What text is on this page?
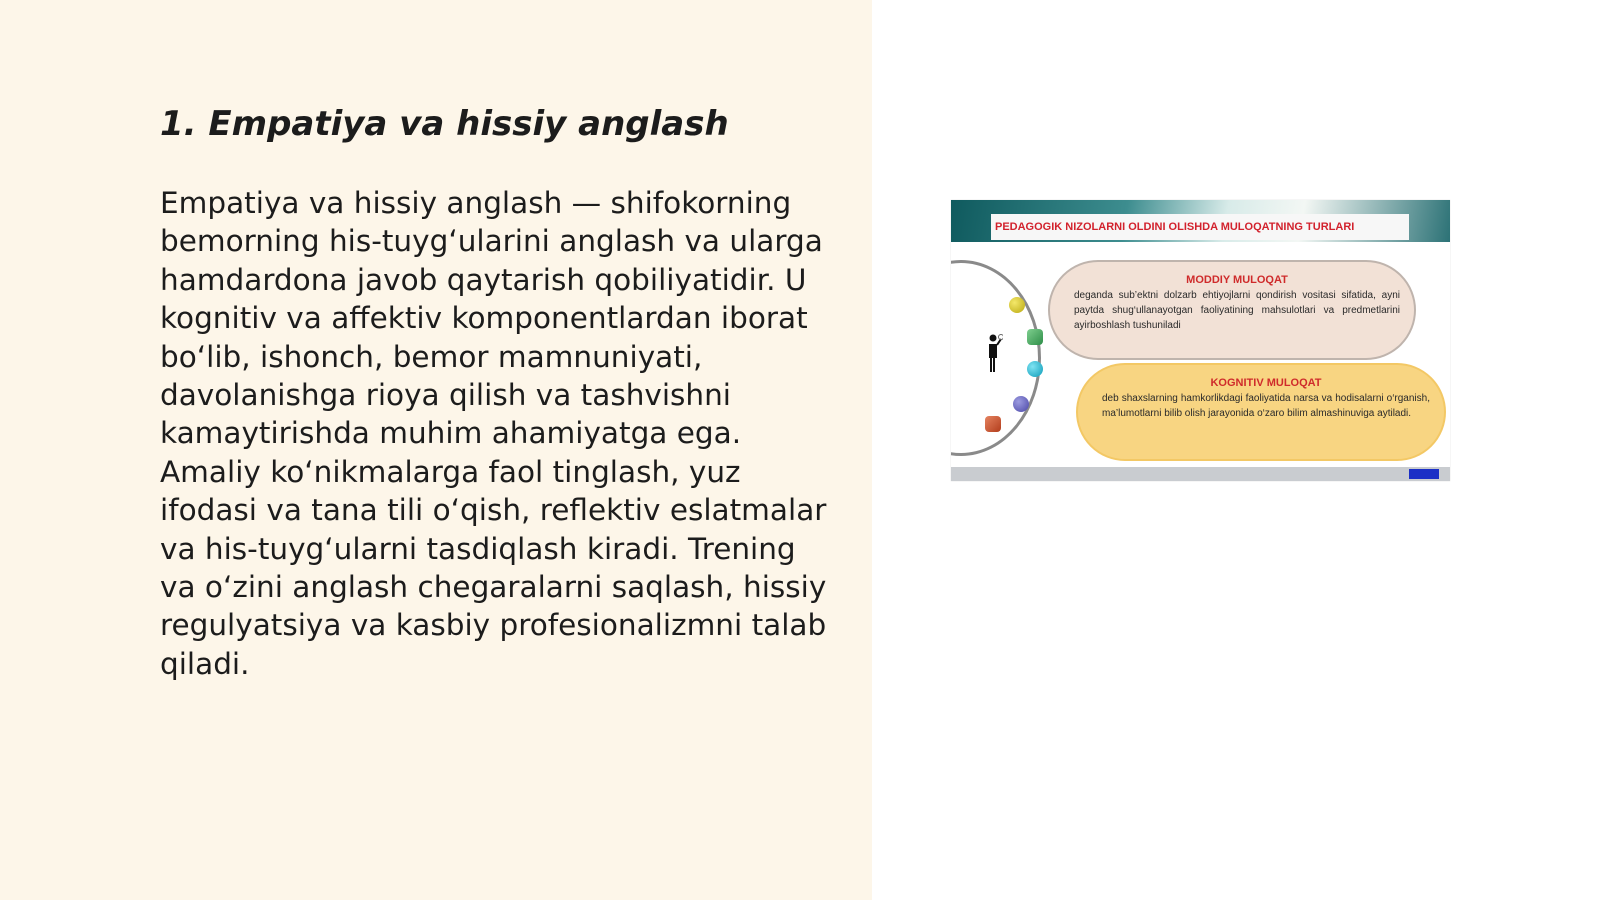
1. Empatiya va hissiy anglash

Empatiya va hissiy anglash — shifokorning bemorning his-tuyg‘ularini anglash va ularga hamdardona javob qaytarish qobiliyatidir. U kognitiv va affektiv komponentlardan iborat bo‘lib, ishonch, bemor mamnuniyati, davolanishga rioya qilish va tashvishni kamaytirishda muhim ahamiyatga ega. Amaliy ko‘nikmalarga faol tinglash, yuz ifodasi va tana tili o‘qish, reflektiv eslatmalar va his-tuyg‘ularni tasdiqlash kiradi. Trening va o‘zini anglash chegaralarni saqlash, hissiy regulyatsiya va kasbiy profesionalizmni talab qiladi.

PEDAGOGIK NIZOLARNI OLDINI OLISHDA MULOQATNING TURLARI

MODDIY MULOQAT

deganda sub’ektni dolzarb ehtiyojlarni qondirish vositasi sifatida, ayni paytda shug‘ullanayotgan faoliyatining mahsulotlari va predmetlarini ayirboshlash tushuniladi

KOGNITIV MULOQAT

deb shaxslarning hamkorlikdagi faoliyatida narsa va hodisalarni o‘rganish, ma’lumotlarni bilib olish jarayonida o‘zaro bilim almashinuviga aytiladi.
